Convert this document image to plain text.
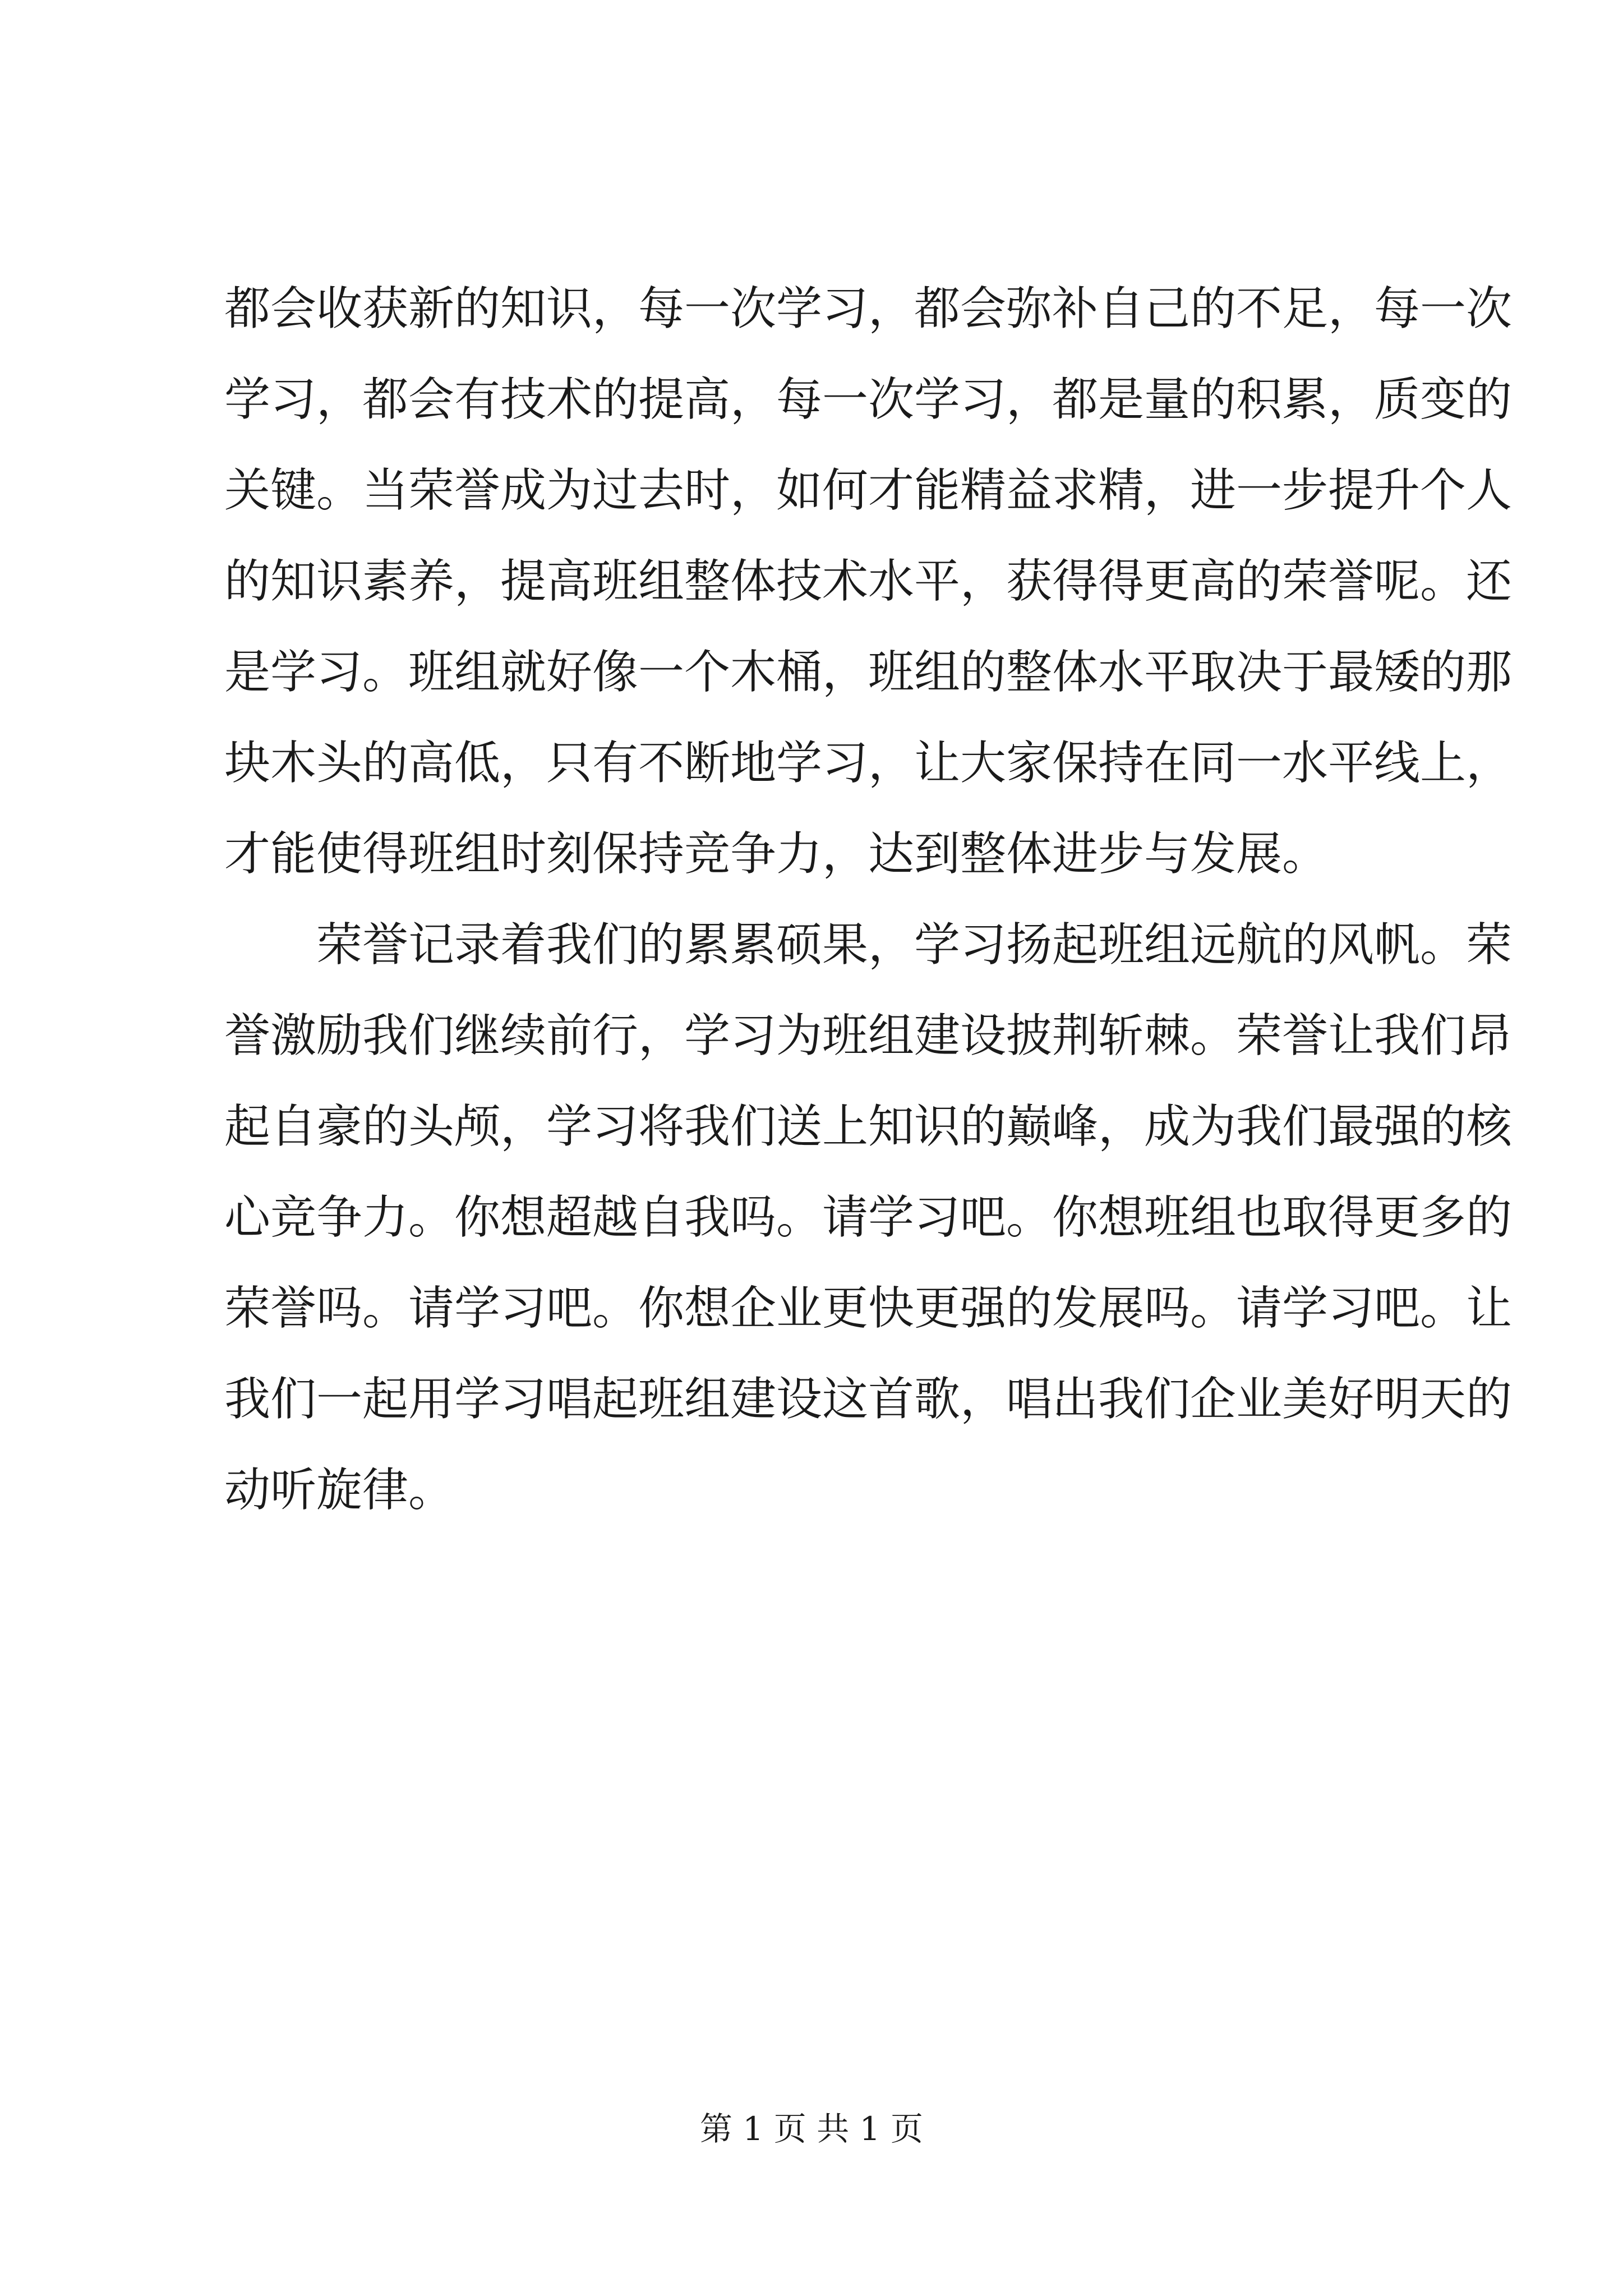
都会收获新的知识，每一次学习，都会弥补自己的不足，每一次
学习，都会有技术的提高，每一次学习，都是量的积累，质变的
关键。当荣誉成为过去时，如何才能精益求精，进一步提升个人
的知识素养，提高班组整体技术水平，获得得更高的荣誉呢。还
是学习。班组就好像一个木桶，班组的整体水平取决于最矮的那
块木头的高低，只有不断地学习，让大家保持在同一水平线上，
才能使得班组时刻保持竞争力，达到整体进步与发展。
荣誉记录着我们的累累硕果，学习扬起班组远航的风帆。荣
誉激励我们继续前行，学习为班组建设披荆斩棘。荣誉让我们昂
起自豪的头颅，学习将我们送上知识的巅峰，成为我们最强的核
心竞争力。你想超越自我吗。请学习吧。你想班组也取得更多的
荣誉吗。请学习吧。你想企业更快更强的发展吗。请学习吧。让
我们一起用学习唱起班组建设这首歌，唱出我们企业美好明天的
动听旋律。
第 1 页 共 1 页
